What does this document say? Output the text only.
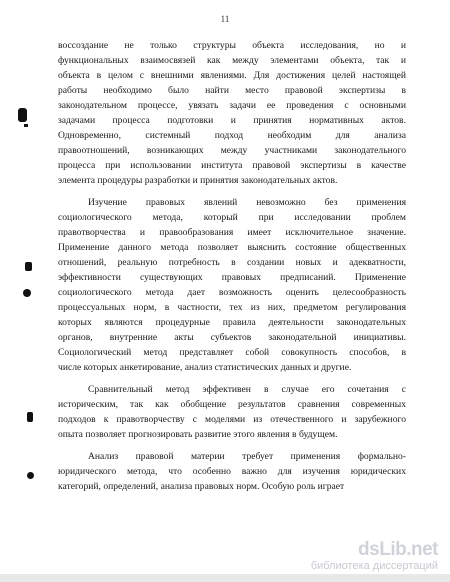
11
воссоздание не только структуры объекта исследования, но и
функциональных взаимосвязей как между элементами объекта, так и
объекта в целом с внешними явлениями. Для достижения целей настоящей
работы необходимо было найти место правовой экспертизы в
законодательном процессе, увязать задачи ее проведения с основными
задачами процесса подготовки и принятия нормативных актов.
Одновременно, системный подход необходим для анализа
правоотношений, возникающих между участниками законодательного
процесса при использовании института правовой экспертизы в качестве
элемента процедуры разработки и принятия законодательных актов.
Изучение правовых явлений невозможно без применения
социологического метода, который при исследовании проблем
правотворчества и правообразования имеет исключительное значение.
Применение данного метода позволяет выяснить состояние общественных
отношений, реальную потребность в создании новых и адекватности,
эффективности существующих правовых предписаний. Применение
социологического метода дает возможность оценить целесообразность
процессуальных норм, в частности, тех из них, предметом регулирования
которых являются процедурные правила деятельности законодательных
органов, внутренние акты субъектов законодательной инициативы.
Социологический метод представляет собой совокупность способов, в
числе которых анкетирование, анализ статистических данных и другие.
Сравнительный метод эффективен в случае его сочетания с
историческим, так как обобщение результатов сравнения современных
подходов к правотворчеству с моделями из отечественного и зарубежного
опыта позволяет прогнозировать развитие этого явления в будущем.
Анализ правовой материи требует применения формально-
юридического метода, что особенно важно для изучения юридических
категорий, определений, анализа правовых норм. Особую роль играет
dsLib . net
библиотека диссертаций
